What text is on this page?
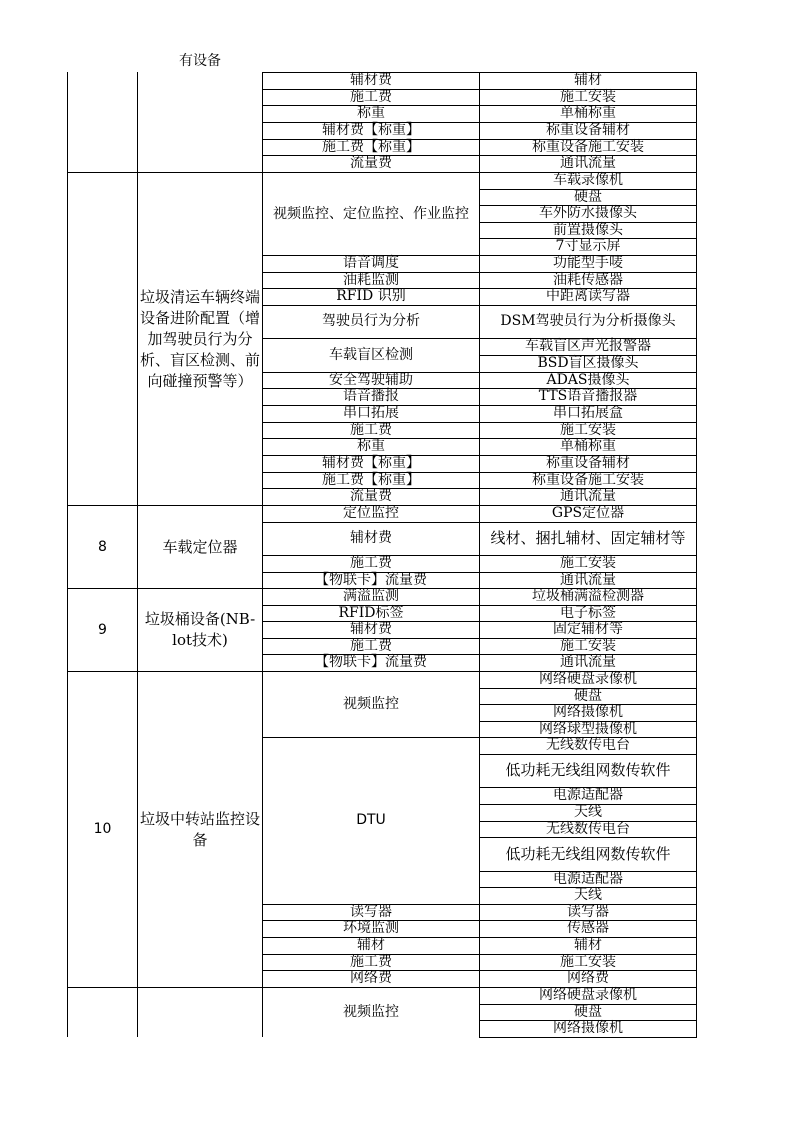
有设备
辅材费
施工费
称重
辅材费【称重】
施工费【称重】
流量费
辅材
施工安装
单桶称重
称重设备辅材
称重设备施工安装
通讯流量
垃圾清运车辆终端设备进阶配置（增加驾驶员行为分析、盲区检测、前向碰撞预警等）
视频监控、定位监控、作业监控
语音调度
油耗监测
RFID 识别
驾驶员行为分析
车载盲区检测
安全驾驶辅助
语音播报
串口拓展
施工费
称重
辅材费【称重】
施工费【称重】
流量费
车载录像机
硬盘
车外防水摄像头
前置摄像头
7寸显示屏
功能型手唛
油耗传感器
中距离读写器
DSM驾驶员行为分析摄像头
车载盲区声光报警器
BSD盲区摄像头
ADAS摄像头
TTS语音播报器
串口拓展盒
施工安装
单桶称重
称重设备辅材
称重设备施工安装
通讯流量
8	车载定位器
定位监控
辅材费
施工费
【物联卡】流量费
GPS定位器
线材、捆扎辅材、固定辅材等
施工安装
通讯流量
9
垃圾桶设备(NB-lot技术)
满溢监测
RFID标签
辅材费
施工费
【物联卡】流量费
垃圾桶满溢检测器
电子标签
固定辅材等
施工安装
通讯流量
10
垃圾中转站监控设备
视频监控
DTU
读写器
环境监测
辅材
施工费
网络费
网络硬盘录像机
硬盘
网络摄像机
网络球型摄像机
无线数传电台
低功耗无线组网数传软件
电源适配器
天线
无线数传电台
低功耗无线组网数传软件
电源适配器
天线
读写器
传感器
辅材
施工安装
网络费
视频监控
网络硬盘录像机
硬盘
网络摄像机
